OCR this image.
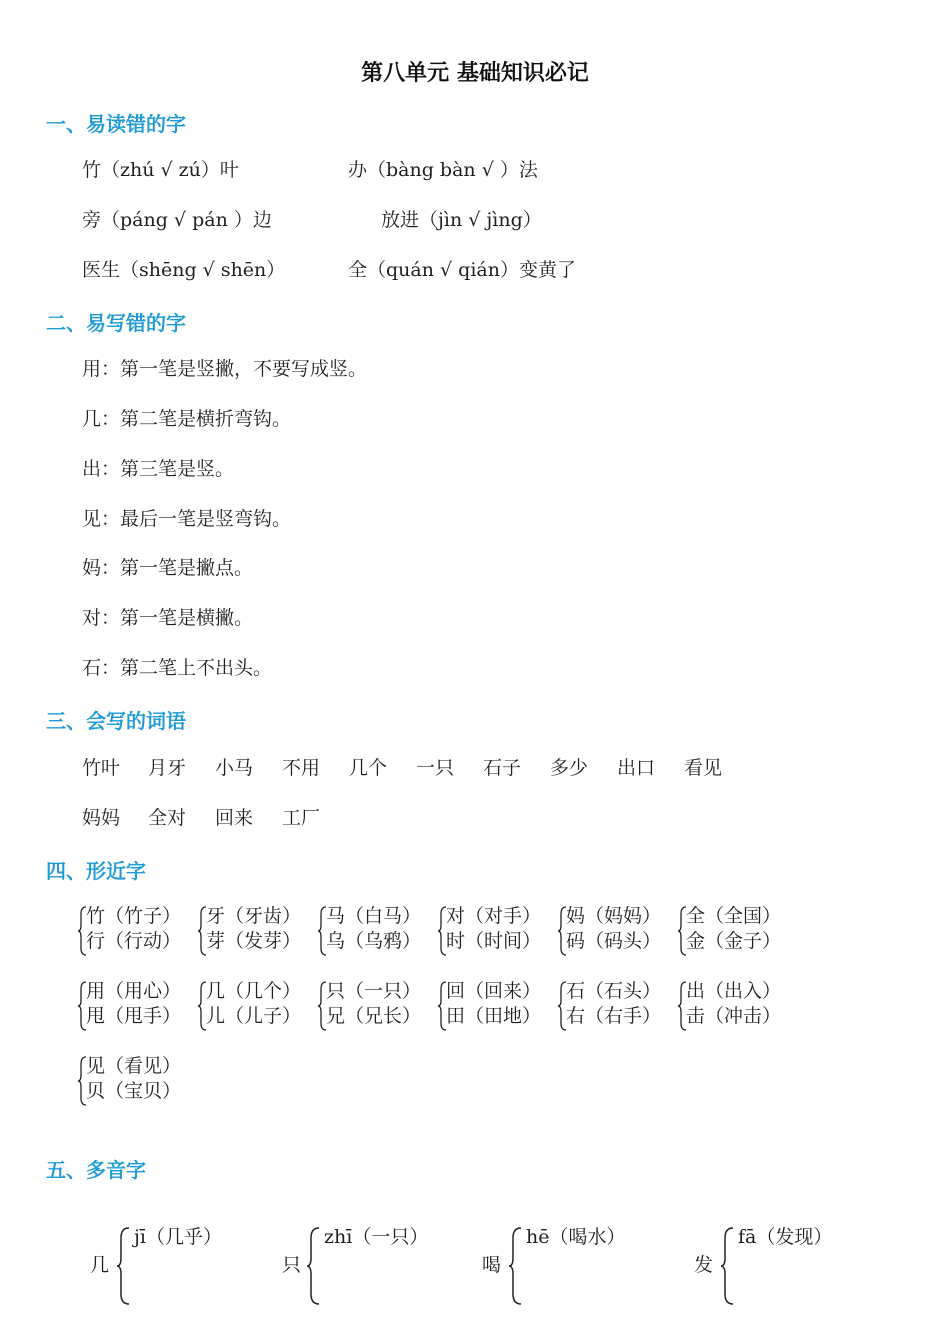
第八单元 基础知识必记
一、易读错的字
竹（zhú √ zú）叶	办（bàng bàn √ ）法
旁（páng √ pán ）边	放进（jìn √ jìng）
医生（shēng √ shēn）	全（quán √ qián）变黄了
二、易写错的字
用：第一笔是竖撇，不要写成竖。
几：第二笔是横折弯钩。
出：第三笔是竖。
见：最后一笔是竖弯钩。
妈：第一笔是撇点。
对：第一笔是横撇。
石：第二笔上不出头。
三、会写的词语
竹叶 月牙 小马 不用 几个 一只 石子 多少 出口 看见
妈妈 全对 回来 工厂
四、形近字
竹（竹子）
行（行动）
牙（牙齿）
芽（发芽）
马（白马）
乌（乌鸦）
对（对手）
时（时间）
妈（妈妈）
码（码头）
全（全国）
金（金子）
用（用心）
甩（甩手）
几（几个）
儿（儿子）
只（一只）
兄（兄长）
回（回来）
田（田地）
石（石头）
右（右手）
出（出入）
击（冲击）
见（看见）
贝（宝贝）
五、多音字
几
jī（几乎）
只
zhī（一只）
喝
hē（喝水）
发
fā（发现）
